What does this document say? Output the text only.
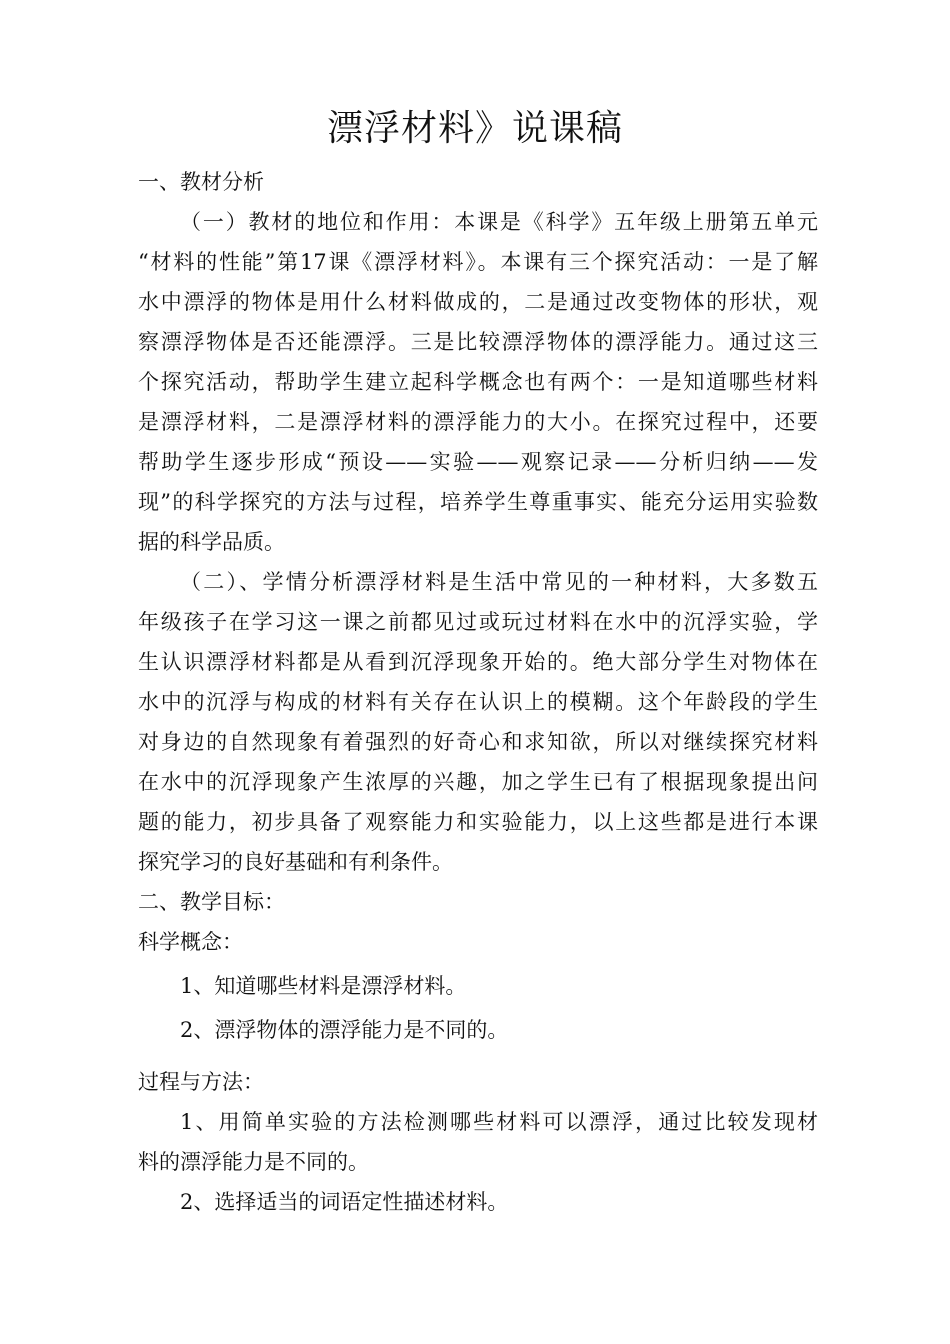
漂浮材料》说课稿
一、教材分析
（一）教材的地位和作用：本课是《科学》五年级上册第五单元
“材料的性能”第17课《漂浮材料》。本课有三个探究活动：一是了解
水中漂浮的物体是用什么材料做成的，二是通过改变物体的形状，观
察漂浮物体是否还能漂浮。三是比较漂浮物体的漂浮能力。通过这三
个探究活动，帮助学生建立起科学概念也有两个：一是知道哪些材料
是漂浮材料，二是漂浮材料的漂浮能力的大小。在探究过程中，还要
帮助学生逐步形成“预设——实验——观察记录——分析归纳——发
现”的科学探究的方法与过程，培养学生尊重事实、能充分运用实验数
据的科学品质。
（二）、学情分析漂浮材料是生活中常见的一种材料，大多数五
年级孩子在学习这一课之前都见过或玩过材料在水中的沉浮实验，学
生认识漂浮材料都是从看到沉浮现象开始的。绝大部分学生对物体在
水中的沉浮与构成的材料有关存在认识上的模糊。这个年龄段的学生
对身边的自然现象有着强烈的好奇心和求知欲，所以对继续探究材料
在水中的沉浮现象产生浓厚的兴趣，加之学生已有了根据现象提出问
题的能力，初步具备了观察能力和实验能力，以上这些都是进行本课
探究学习的良好基础和有利条件。
二、教学目标：
科学概念：
1、知道哪些材料是漂浮材料。
2、漂浮物体的漂浮能力是不同的。
过程与方法：
1、用简单实验的方法检测哪些材料可以漂浮，通过比较发现材
料的漂浮能力是不同的。
2、选择适当的词语定性描述材料。
